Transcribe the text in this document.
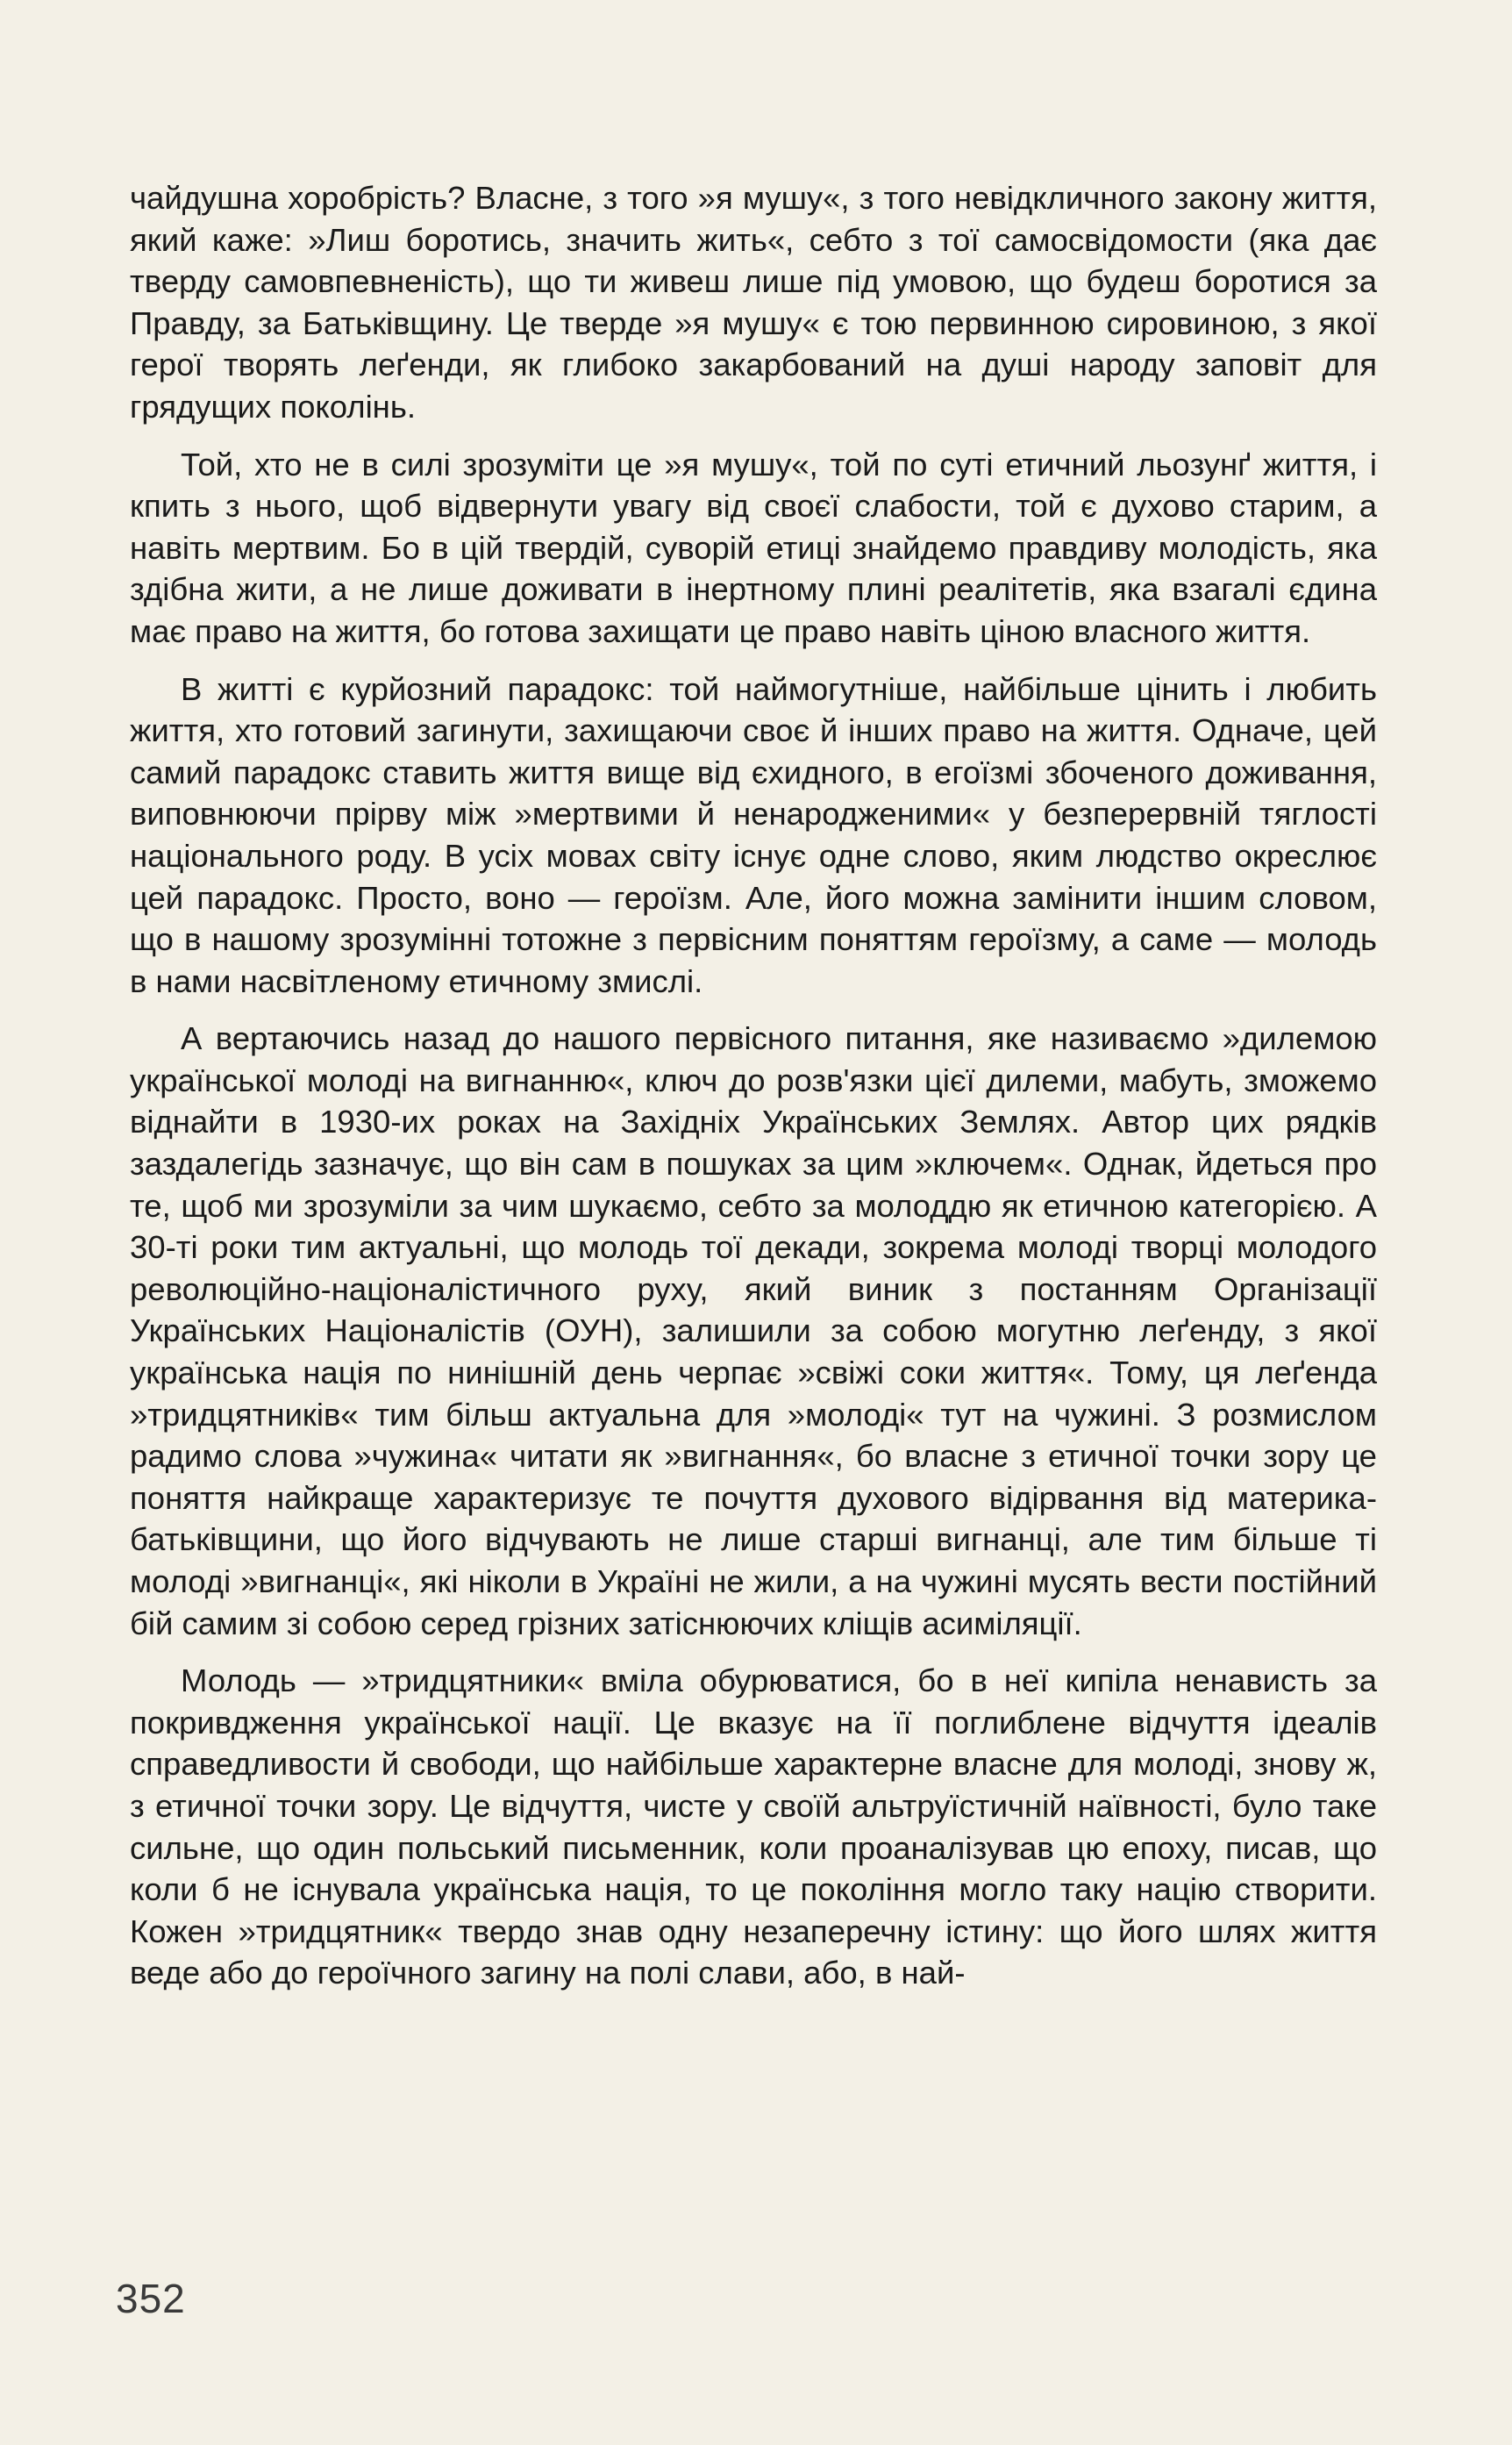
чайдушна хоробрість? Власне, з того »я мушу«, з того невідкличного закону життя, який каже: »Лиш боротись, значить жить«, себто з тої самосвідомости (яка дає тверду самовпевненість), що ти живеш лише під умовою, що будеш боротися за Правду, за Батьківщину. Це тверде »я мушу« є тою первинною сировиною, з якої герої творять леґенди, як глибоко закарбований на душі народу заповіт для грядущих поколінь.

Той, хто не в силі зрозуміти це »я мушу«, той по суті етичний льозунґ життя, і кпить з нього, щоб відвернути увагу від своєї слабости, той є духово старим, а навіть мертвим. Бо в цій твердій, суворій етиці знайдемо правдиву молодість, яка здібна жити, а не лише доживати в інертному плині реалітетів, яка взагалі єдина має право на життя, бо готова захищати це право навіть ціною власного життя.

В житті є курйозний парадокс: той наймогутніше, найбільше цінить і любить життя, хто готовий загинути, захищаючи своє й інших право на життя. Одначе, цей самий парадокс ставить життя вище від єхидного, в егоїзмі збоченого доживання, виповнюючи прірву між »мертвими й ненародженими« у безперервній тяглості національного роду. В усіх мовах світу існує одне слово, яким людство окреслює цей парадокс. Просто, воно — героїзм. Але, його можна замінити іншим словом, що в нашому зрозумінні тотожне з первісним поняттям героїзму, а саме — молодь в нами насвітленому етичному змислі.

А вертаючись назад до нашого первісного питання, яке називаємо »дилемою української молоді на вигнанню«, ключ до розв'язки цієї дилеми, мабуть, зможемо віднайти в 1930-их роках на Західніх Українських Землях. Автор цих рядків заздалегідь зазначує, що він сам в пошуках за цим »ключем«. Однак, йдеться про те, щоб ми зрозуміли за чим шукаємо, себто за молоддю як етичною категорією. А 30-ті роки тим актуальні, що молодь тої декади, зокрема молоді творці молодого революційно-націоналістичного руху, який виник з постанням Організації Українських Націоналістів (ОУН), залишили за собою могутню леґенду, з якої українська нація по нинішній день черпає »свіжі соки життя«. Тому, ця леґенда »тридцятників« тим більш актуальна для »молоді« тут на чужині. З розмислом радимо слова »чужина« читати як »вигнання«, бо власне з етичної точки зору це поняття найкраще характеризує те почуття духового відірвання від материка-батьківщини, що його відчувають не лише старші вигнанці, але тим більше ті молоді »вигнанці«, які ніколи в Україні не жили, а на чужині мусять вести постійний бій самим зі собою серед грізних затіснюючих кліщів асиміляції.

Молодь — »тридцятники« вміла обурюватися, бо в неї кипіла ненависть за покривдження української нації. Це вказує на її поглиблене відчуття ідеалів справедливости й свободи, що найбільше характерне власне для молоді, знову ж, з етичної точки зору. Це відчуття, чисте у своїй альтруїстичній наївності, було таке сильне, що один польський письменник, коли проаналізував цю епоху, писав, що коли б не існувала українська нація, то це покоління могло таку націю створити. Кожен »тридцятник« твердо знав одну незаперечну істину: що його шлях життя веде або до героїчного загину на полі слави, або, в най-

352
